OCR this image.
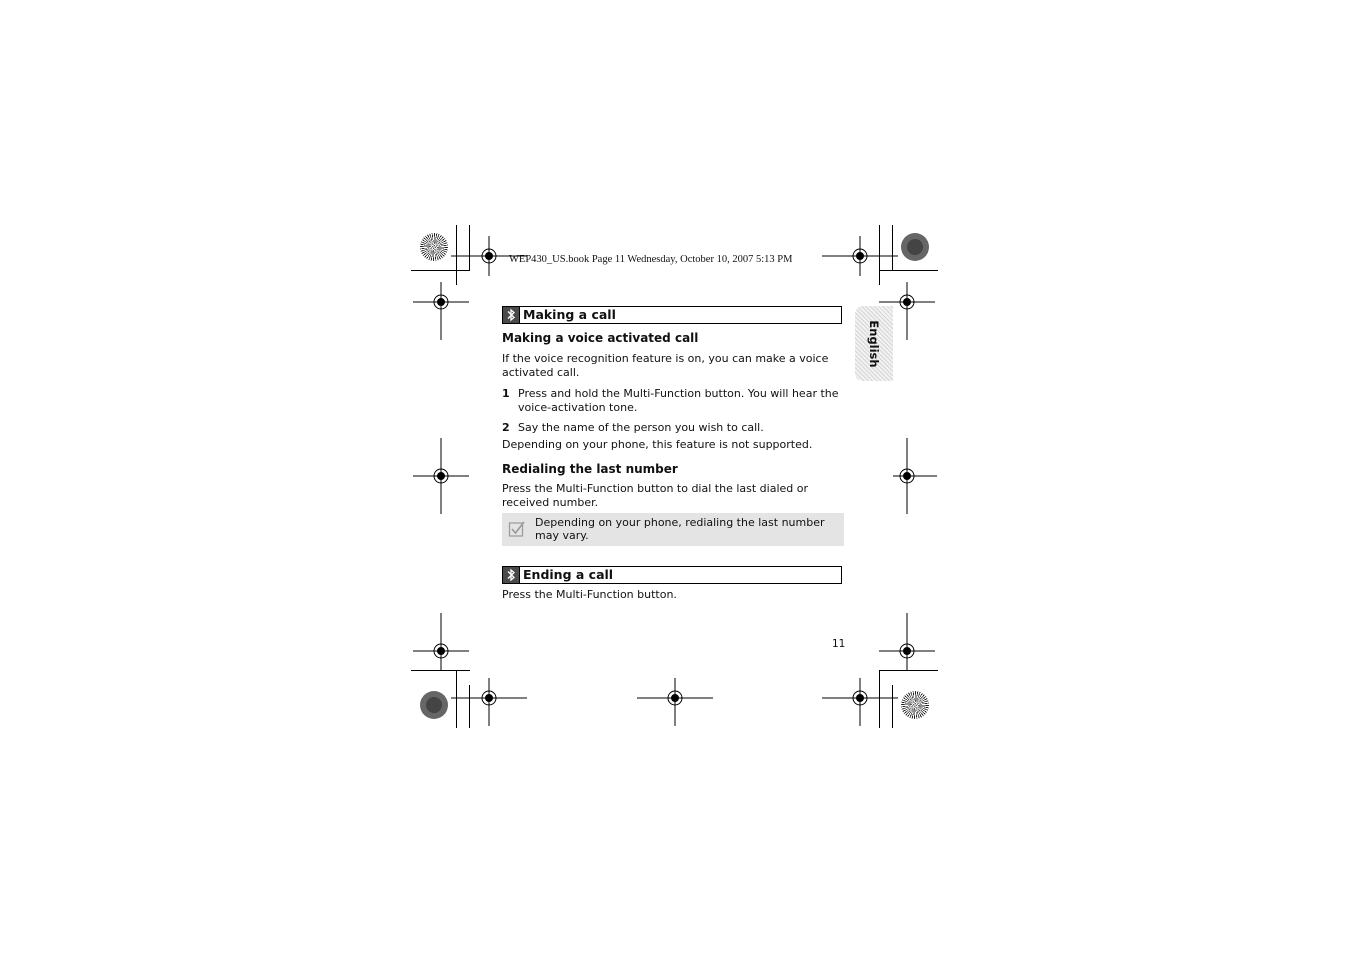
WEP430_US.book Page 11 Wednesday, October 10, 2007 5:13 PM
English
Making a call
Making a voice activated call
If the voice recognition feature is on, you can make a voice activated call.
1 Press and hold the Multi-Function button. You will hear the voice-activation tone.
2 Say the name of the person you wish to call.
Depending on your phone, this feature is not supported.
Redialing the last number
Press the Multi-Function button to dial the last dialed or received number.
Depending on your phone, redialing the last number may vary.
Ending a call
Press the Multi-Function button.
11
